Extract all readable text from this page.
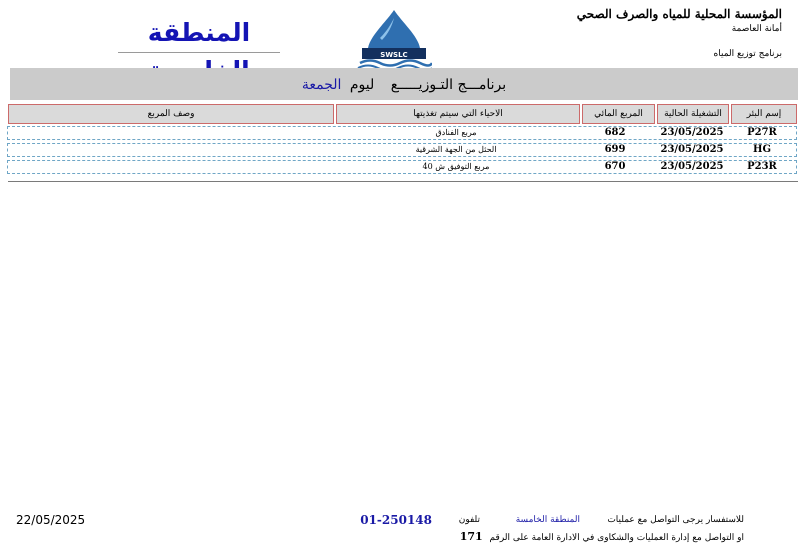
المؤسسة المحلية للمياه والصرف الصحي
أمانة العاصمة
برنامج توزيع المياه
SWSLC
المنطقة
برنامـــج التـوزيـــــع ليوم الجمعة
إسم البئر
التشغيلة الحالية
المربع المائي
الاحياء التي سيتم تغذيتها
وصف المربع
P27R
23/05/2025
682
مربع الفنادق
HG
23/05/2025
699
الحثل من الجهة الشرقية
P23R
23/05/2025
670
مربع التوفيق ش 40
22/05/2025	للاستفسار يرجى التواصل مع عمليات
المنطقة الخامسة
تلفون
01-250148
او التواصل مع إدارة العمليات والشكاوى في الادارة العامة على الرقم 171
